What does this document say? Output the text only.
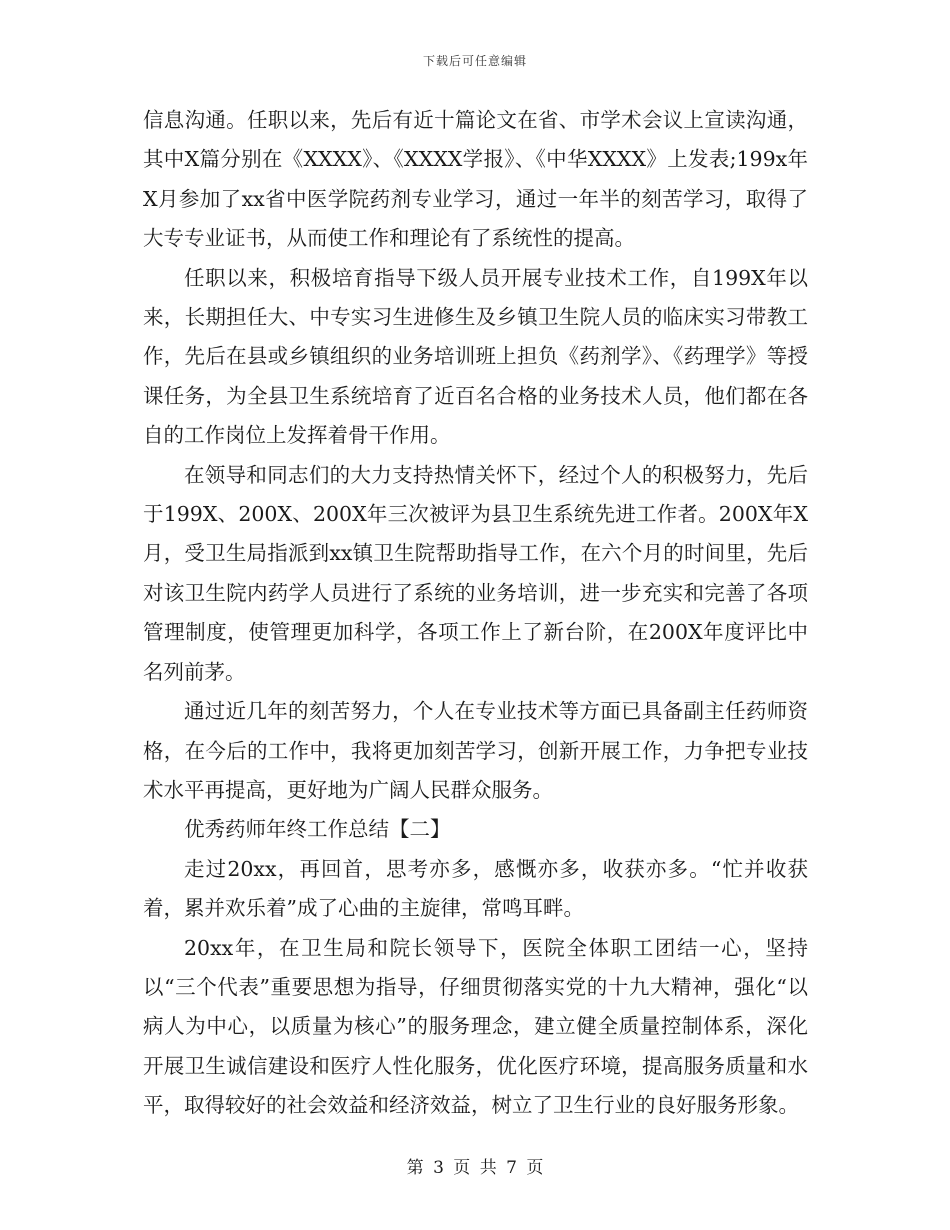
下载后可任意编辑

信息沟通。任职以来，先后有近十篇论文在省、市学术会议上宣读沟通，其中X篇分别在《XXXX》、《XXXX学报》、《中华XXXX》上发表;199x年X月参加了xx省中医学院药剂专业学习，通过一年半的刻苦学习，取得了大专专业证书，从而使工作和理论有了系统性的提高。

任职以来，积极培育指导下级人员开展专业技术工作，自199X年以来，长期担任大、中专实习生进修生及乡镇卫生院人员的临床实习带教工作，先后在县或乡镇组织的业务培训班上担负《药剂学》、《药理学》等授课任务，为全县卫生系统培育了近百名合格的业务技术人员，他们都在各自的工作岗位上发挥着骨干作用。

在领导和同志们的大力支持热情关怀下，经过个人的积极努力，先后于199X、200X、200X年三次被评为县卫生系统先进工作者。200X年X月，受卫生局指派到xx镇卫生院帮助指导工作，在六个月的时间里，先后对该卫生院内药学人员进行了系统的业务培训，进一步充实和完善了各项管理制度，使管理更加科学，各项工作上了新台阶，在200X年度评比中名列前茅。

通过近几年的刻苦努力，个人在专业技术等方面已具备副主任药师资格，在今后的工作中，我将更加刻苦学习，创新开展工作，力争把专业技术水平再提高，更好地为广阔人民群众服务。

优秀药师年终工作总结【二】

走过20xx，再回首，思考亦多，感慨亦多，收获亦多。“忙并收获着，累并欢乐着”成了心曲的主旋律，常鸣耳畔。

20xx年，在卫生局和院长领导下，医院全体职工团结一心，坚持以“三个代表”重要思想为指导，仔细贯彻落实党的十九大精神，强化“以病人为中心，以质量为核心”的服务理念，建立健全质量控制体系，深化开展卫生诚信建设和医疗人性化服务，优化医疗环境，提高服务质量和水平，取得较好的社会效益和经济效益，树立了卫生行业的良好服务形象。

第 3 页 共 7 页
